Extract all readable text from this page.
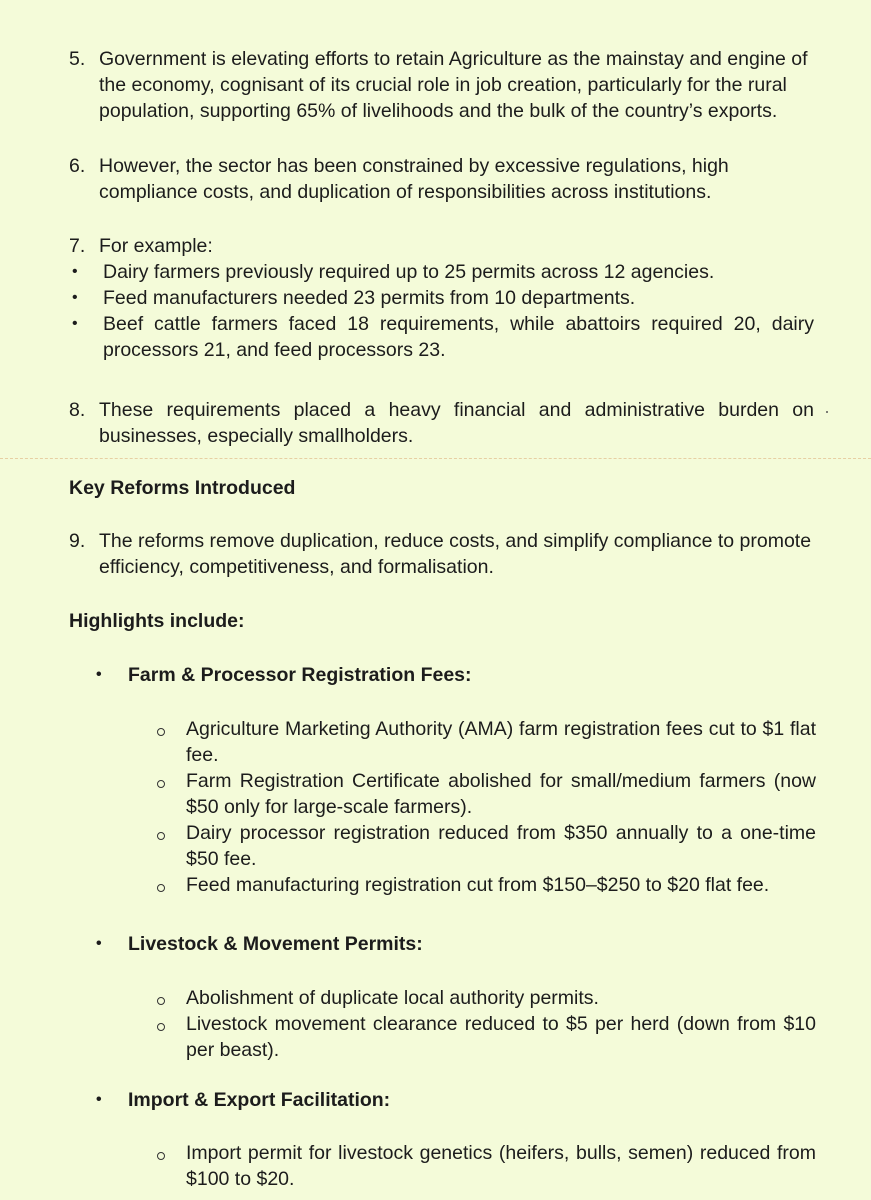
5. Government is elevating efforts to retain Agriculture as the mainstay and engine of the economy, cognisant of its crucial role in job creation, particularly for the rural population, supporting 65% of livelihoods and the bulk of the country’s exports.
6. However, the sector has been constrained by excessive regulations, high compliance costs, and duplication of responsibilities across institutions.
7. For example:
• Dairy farmers previously required up to 25 permits across 12 agencies.
• Feed manufacturers needed 23 permits from 10 departments.
• Beef cattle farmers faced 18 requirements, while abattoirs required 20, dairy processors 21, and feed processors 23.
8. These requirements placed a heavy financial and administrative burden on businesses, especially smallholders.
Key Reforms Introduced
9. The reforms remove duplication, reduce costs, and simplify compliance to promote efficiency, competitiveness, and formalisation.
Highlights include:
• Farm & Processor Registration Fees:
Agriculture Marketing Authority (AMA) farm registration fees cut to $1 flat fee.
Farm Registration Certificate abolished for small/medium farmers (now $50 only for large-scale farmers).
Dairy processor registration reduced from $350 annually to a one-time $50 fee.
Feed manufacturing registration cut from $150–$250 to $20 flat fee.
• Livestock & Movement Permits:
Abolishment of duplicate local authority permits.
Livestock movement clearance reduced to $5 per herd (down from $10 per beast).
• Import & Export Facilitation:
Import permit for livestock genetics (heifers, bulls, semen) reduced from $100 to $20.
